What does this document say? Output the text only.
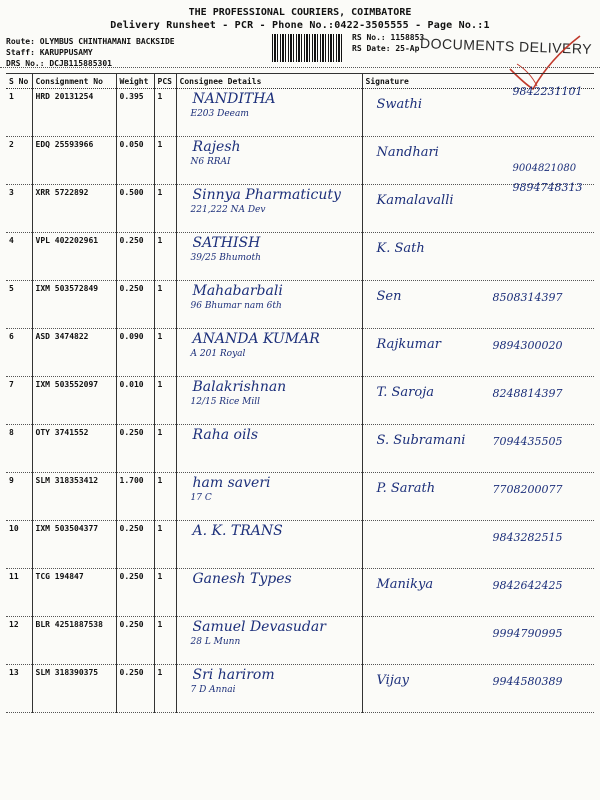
THE PROFESSIONAL COURIERS, COIMBATORE
Delivery Runsheet - PCR - Phone No.:0422-3505555 - Page No.:1
Route: OLYMBUS CHINTHAMANI BACKSIDE
Staff: KARUPPUSAMY
DRS No.: DCJB115885301
RS No.: 1158853
RS Date: 25-Ap DOCUMENTS DELIVERY
S No	Consignment No	Weight	PCS	Consignee Details	Signature
1	HRD 20131254	0.395	1	NANDITHA
E203 Deeam	Swathi
9842231101

2	EDQ 25593966	0.050	1	Rajesh
N6 RRAI	Nandhari
9004821080

3	XRR 5722892	0.500	1	Sinnya Pharmaticuty
221,222 NA Dev	Kamalavalli
9894748313

4	VPL 402202961	0.250	1	SATHISH
39/25 Bhumoth	K. Sath

5	IXM 503572849	0.250	1	Mahabarbali
96 Bhumar nam 6th	Sen 8508314397

6	ASD 3474822	0.090	1	ANANDA KUMAR
A 201 Royal	Rajkumar 9894300020

7	IXM 503552097	0.010	1	Balakrishnan
12/15 Rice Mill	T. Saroja 8248814397

8	OTY 3741552	0.250	1	Raha oils	S. Subramani 7094435505

9	SLM 318353412	1.700	1	ham saveri
17 C	P. Sarath 7708200077

10	IXM 503504377	0.250	1	A. K. TRANS	9843282515

11	TCG 194847	0.250	1	Ganesh Types	Manikya 9842642425

12	BLR 4251887538	0.250	1	Samuel Devasudar
28 L Munn	9994790995

13	SLM 318390375	0.250	1	Sri harirom
7 D Annai	Vijay 9944580389
